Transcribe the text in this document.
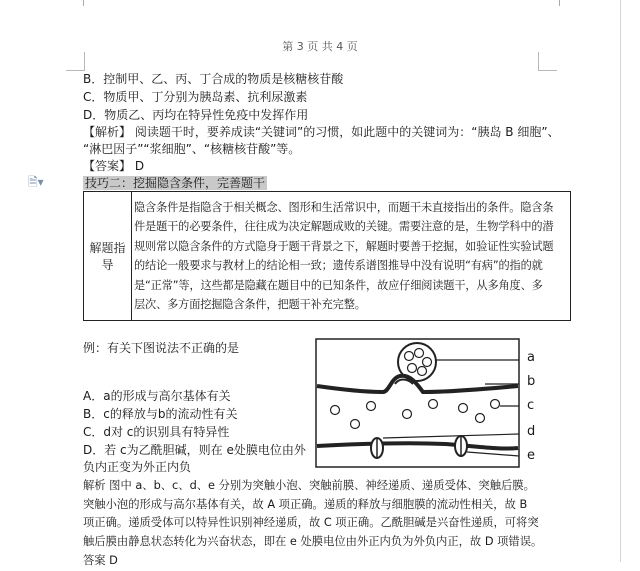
第 3 页 共 4 页
B．控制甲、乙、丙、丁合成的物质是核糖核苷酸
C．物质甲、丁分别为胰岛素、抗利尿激素
D．物质乙、丙均在特异性免疫中发挥作用
【解析】 阅读题干时，要养成读“关键词”的习惯，如此题中的关键词为：“胰岛 B 细胞”、
“淋巴因子”“浆细胞”、“核糖核苷酸”等。
【答案】 D
🗎▾	技巧二：挖掘隐含条件，完善题干
解题指导	
隐含条件是指隐含于相关概念、图形和生活常识中，而题干未直接指出的条件。隐含条
件是题干的必要条件，往往成为决定解题成败的关键。需要注意的是，生物学科中的潜
规则常以隐含条件的方式隐身于题干背景之下，解题时要善于挖掘，如验证性实验试题
的结论一般要求与教材上的结论相一致；遗传系谱图推导中没有说明“有病”的指的就
是“正常”等，这些都是隐藏在题目中的已知条件，故应仔细阅读题干，从多角度、多
层次、多方面挖掘隐含条件，把题干补充完整。
例：有关下图说法不正确的是
A．a的形成与高尔基体有关
B．c的释放与b的流动性有关
C．d对 c的识别具有特异性
D．若 c为乙酰胆碱，则在 e处膜电位由外
负内正变为外正内负
a
b
c
d
e
解析 图中 a、b、c、d、e 分别为突触小泡、突触前膜、神经递质、递质受体、突触后膜。
突触小泡的形成与高尔基体有关，故 A 项正确。递质的释放与细胞膜的流动性相关，故 B
项正确。递质受体可以特异性识别神经递质，故 C 项正确。乙酰胆碱是兴奋性递质，可将突
触后膜由静息状态转化为兴奋状态，即在 e 处膜电位由外正内负为外负内正，故 D 项错误。
答案 D
